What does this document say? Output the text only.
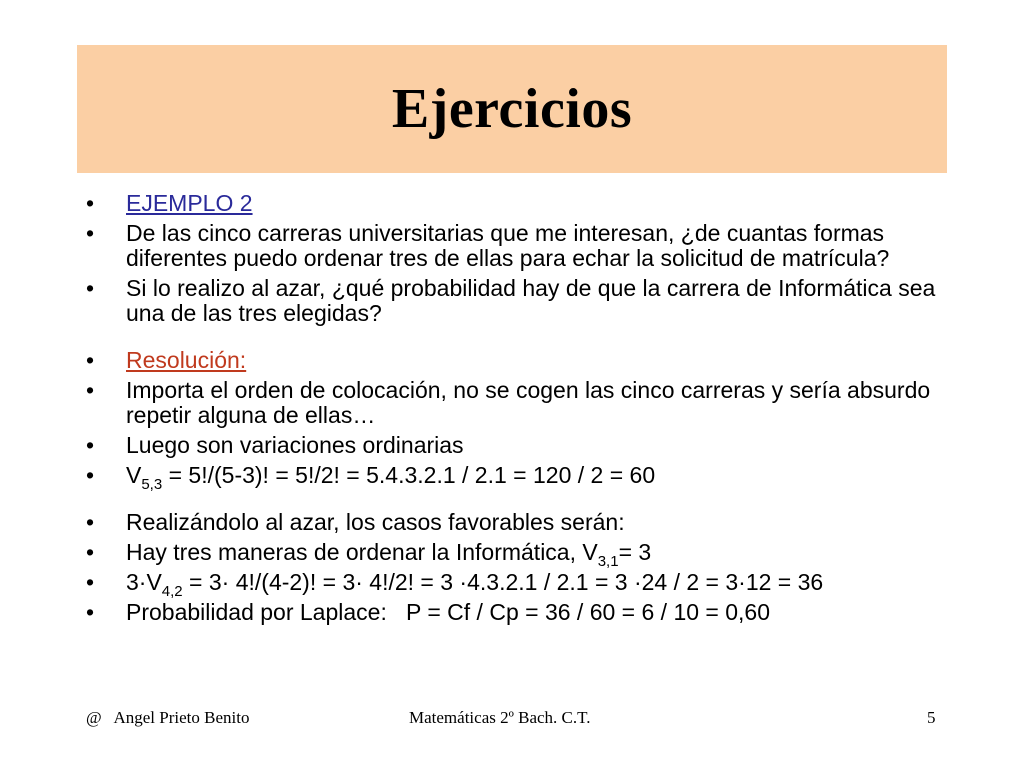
Ejercicios
• EJEMPLO 2
• De las cinco carreras universitarias que me interesan, ¿de cuantas formas diferentes puedo ordenar tres de ellas para echar la solicitud de matrícula?
• Si lo realizo al azar, ¿qué probabilidad hay de que la carrera de Informática sea una de las tres elegidas?
• Resolución:
• Importa el orden de colocación, no se cogen las cinco carreras y sería absurdo repetir alguna de ellas…
• Luego son variaciones ordinarias
• $V_{5,3} = 5!/(5-3)$! = 5!/2! = 5.4.3.2.1 / 2.1 = 120 / 2 = 60
• Realizándolo al azar, los casos favorables serán:
• Hay tres maneras de ordenar la Informática, $V_{3,1}= 3$
• $3\cdot V_{4,2} = 3\cdot 4!/(4-2)$! = 3· 4!/2! = 3 ·4.3.2.1 / 2.1 = 3 ·24 / 2 = 3·12 = 36
• Probabilidad por Laplace:   P = Cf / Cp = 36 / 60 = 6 / 10 = 0,60
@   Angel Prieto Benito	Matemáticas 2º Bach. C.T.	5
